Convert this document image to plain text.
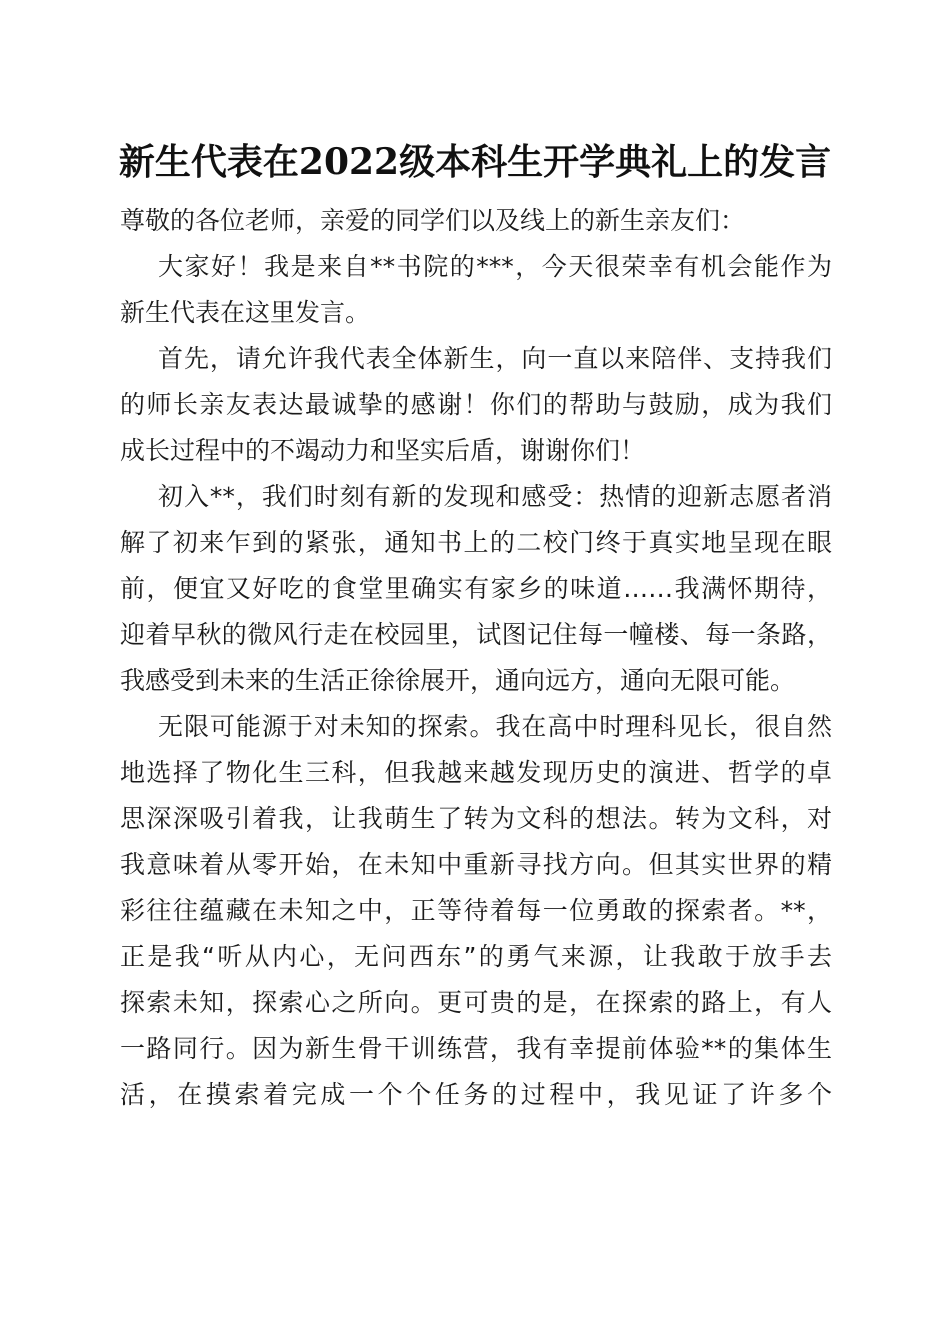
新生代表在2022级本科生开学典礼上的发言
尊敬的各位老师，亲爱的同学们以及线上的新生亲友们：
大家好！我是来自**书院的***，今天很荣幸有机会能作为
新生代表在这里发言。
首先，请允许我代表全体新生，向一直以来陪伴、支持我们
的师长亲友表达最诚挚的感谢！你们的帮助与鼓励，成为我们
成长过程中的不竭动力和坚实后盾，谢谢你们！
初入**，我们时刻有新的发现和感受：热情的迎新志愿者消
解了初来乍到的紧张，通知书上的二校门终于真实地呈现在眼
前，便宜又好吃的食堂里确实有家乡的味道……我满怀期待，
迎着早秋的微风行走在校园里，试图记住每一幢楼、每一条路，
我感受到未来的生活正徐徐展开，通向远方，通向无限可能。
无限可能源于对未知的探索。我在高中时理科见长，很自然
地选择了物化生三科，但我越来越发现历史的演进、哲学的卓
思深深吸引着我，让我萌生了转为文科的想法。转为文科，对
我意味着从零开始，在未知中重新寻找方向。但其实世界的精
彩往往蕴藏在未知之中，正等待着每一位勇敢的探索者。**，
正是我“听从内心，无问西东”的勇气来源，让我敢于放手去
探索未知，探索心之所向。更可贵的是，在探索的路上，有人
一路同行。因为新生骨干训练营，我有幸提前体验**的集体生
活，在摸索着完成一个个任务的过程中，我见证了许多个
